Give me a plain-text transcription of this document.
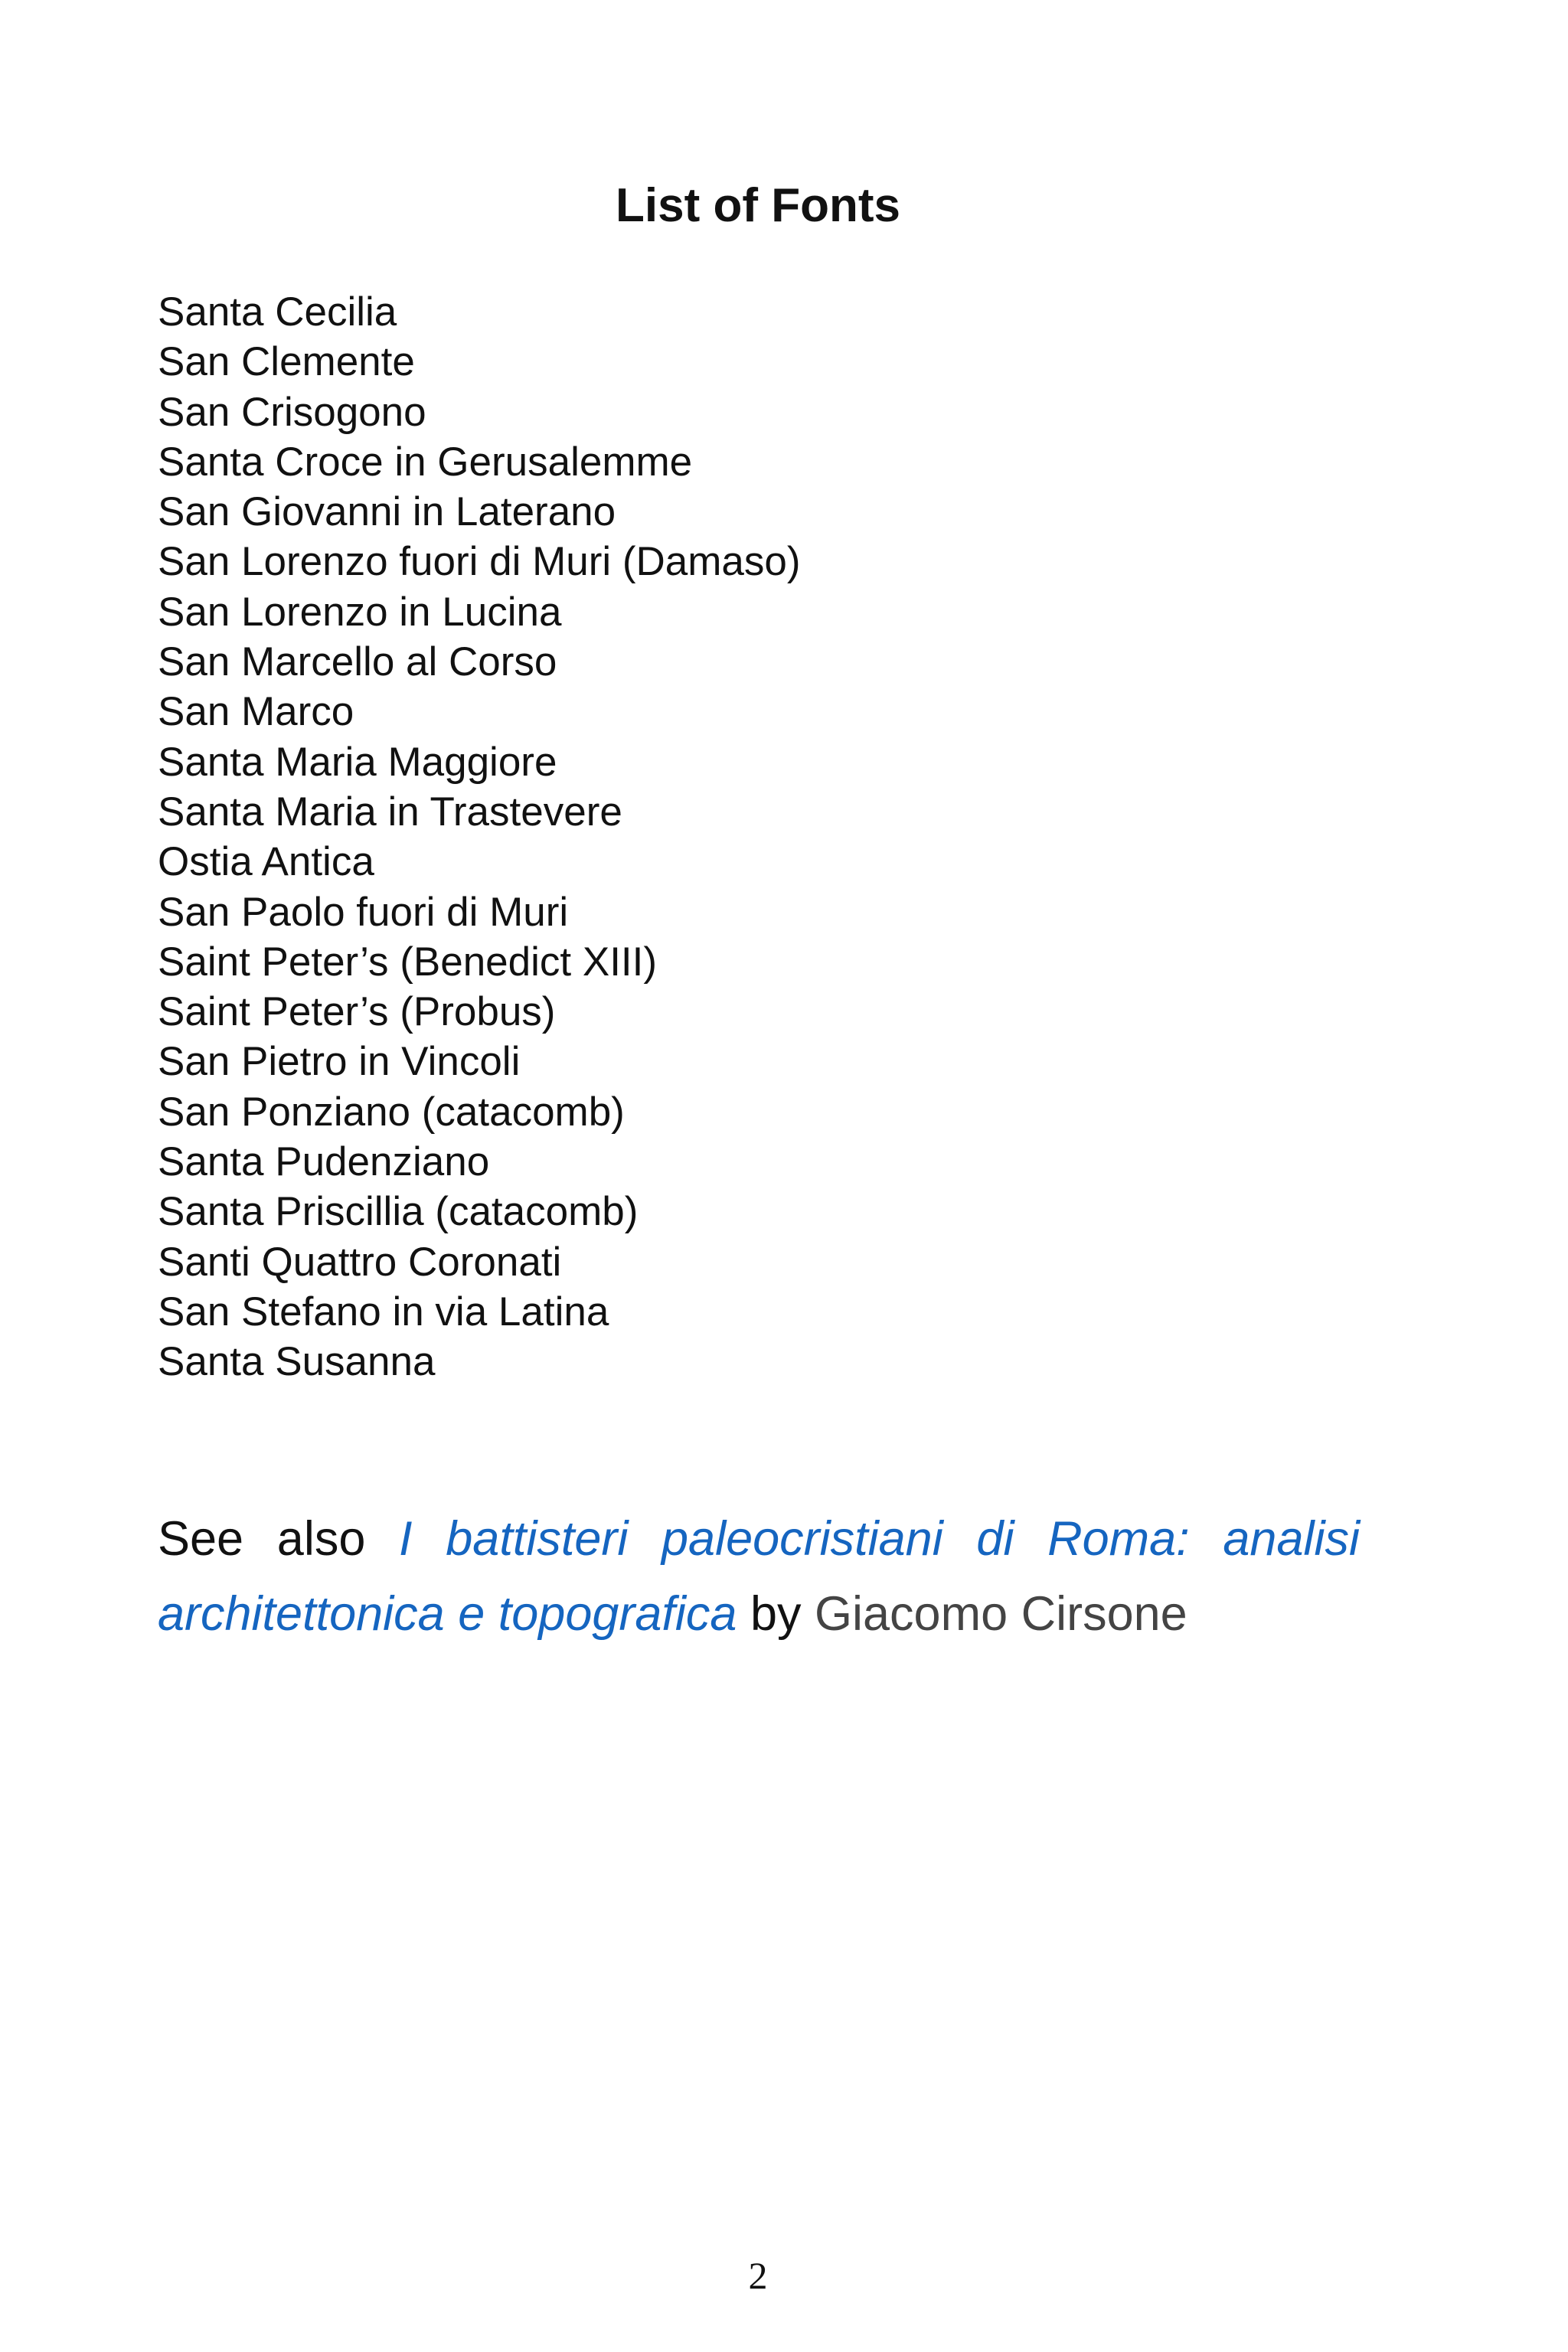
List of Fonts
Santa Cecilia
San Clemente
San Crisogono
Santa Croce in Gerusalemme
San Giovanni in Laterano
San Lorenzo fuori di Muri (Damaso)
San Lorenzo in Lucina
San Marcello al Corso
San Marco
Santa Maria Maggiore
Santa Maria in Trastevere
Ostia Antica
San Paolo fuori di Muri
Saint Peter’s (Benedict XIII)
Saint Peter’s (Probus)
San Pietro in Vincoli
San Ponziano (catacomb)
Santa Pudenziano
Santa Priscillia (catacomb)
Santi Quattro Coronati
San Stefano in via Latina
Santa Susanna

See also I battisteri paleocristiani di Roma: analisi architettonica e topografica by Giacomo Cirsone

2
